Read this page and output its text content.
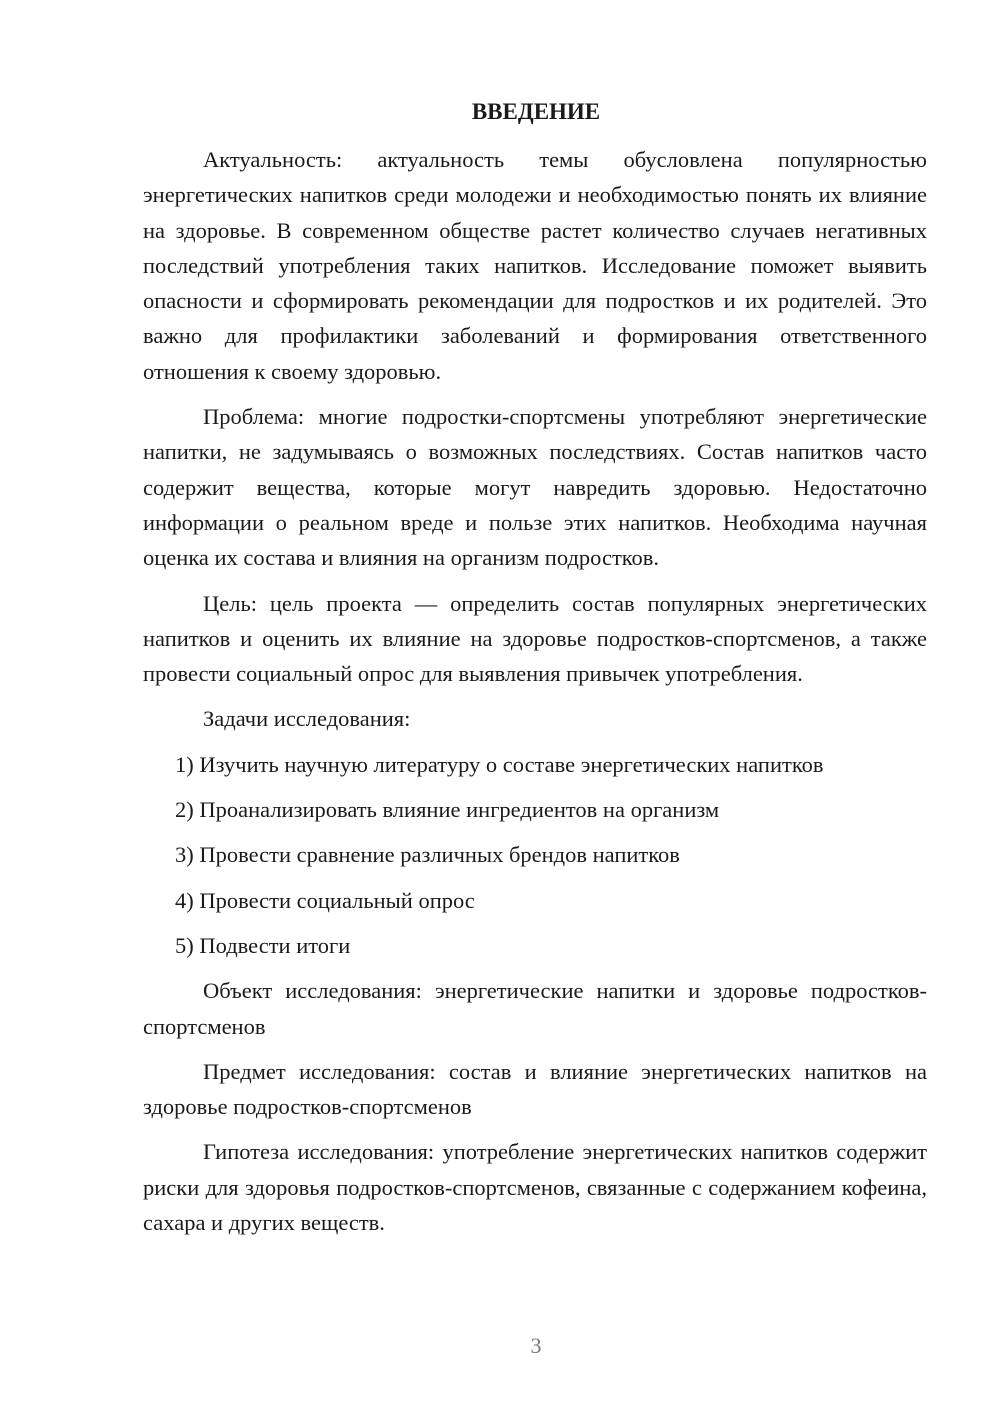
ВВЕДЕНИЕ

Актуальность: актуальность темы обусловлена популярностью энергетических напитков среди молодежи и необходимостью понять их влияние на здоровье. В современном обществе растет количество случаев негативных последствий употребления таких напитков. Исследование поможет выявить опасности и сформировать рекомендации для подростков и их родителей. Это важно для профилактики заболеваний и формирования ответственного отношения к своему здоровью.

Проблема: многие подростки-спортсмены употребляют энергетические напитки, не задумываясь о возможных последствиях. Состав напитков часто содержит вещества, которые могут навредить здоровью. Недостаточно информации о реальном вреде и пользе этих напитков. Необходима научная оценка их состава и влияния на организм подростков.

Цель: цель проекта — определить состав популярных энергетических напитков и оценить их влияние на здоровье подростков-спортсменов, а также провести социальный опрос для выявления привычек употребления.

Задачи исследования:

1) Изучить научную литературу о составе энергетических напитков
2) Проанализировать влияние ингредиентов на организм
3) Провести сравнение различных брендов напитков
4) Провести социальный опрос
5) Подвести итоги

Объект исследования: энергетические напитки и здоровье подростков-спортсменов

Предмет исследования: состав и влияние энергетических напитков на здоровье подростков-спортсменов

Гипотеза исследования: употребление энергетических напитков содержит риски для здоровья подростков-спортсменов, связанные с содержанием кофеина, сахара и других веществ.

3
